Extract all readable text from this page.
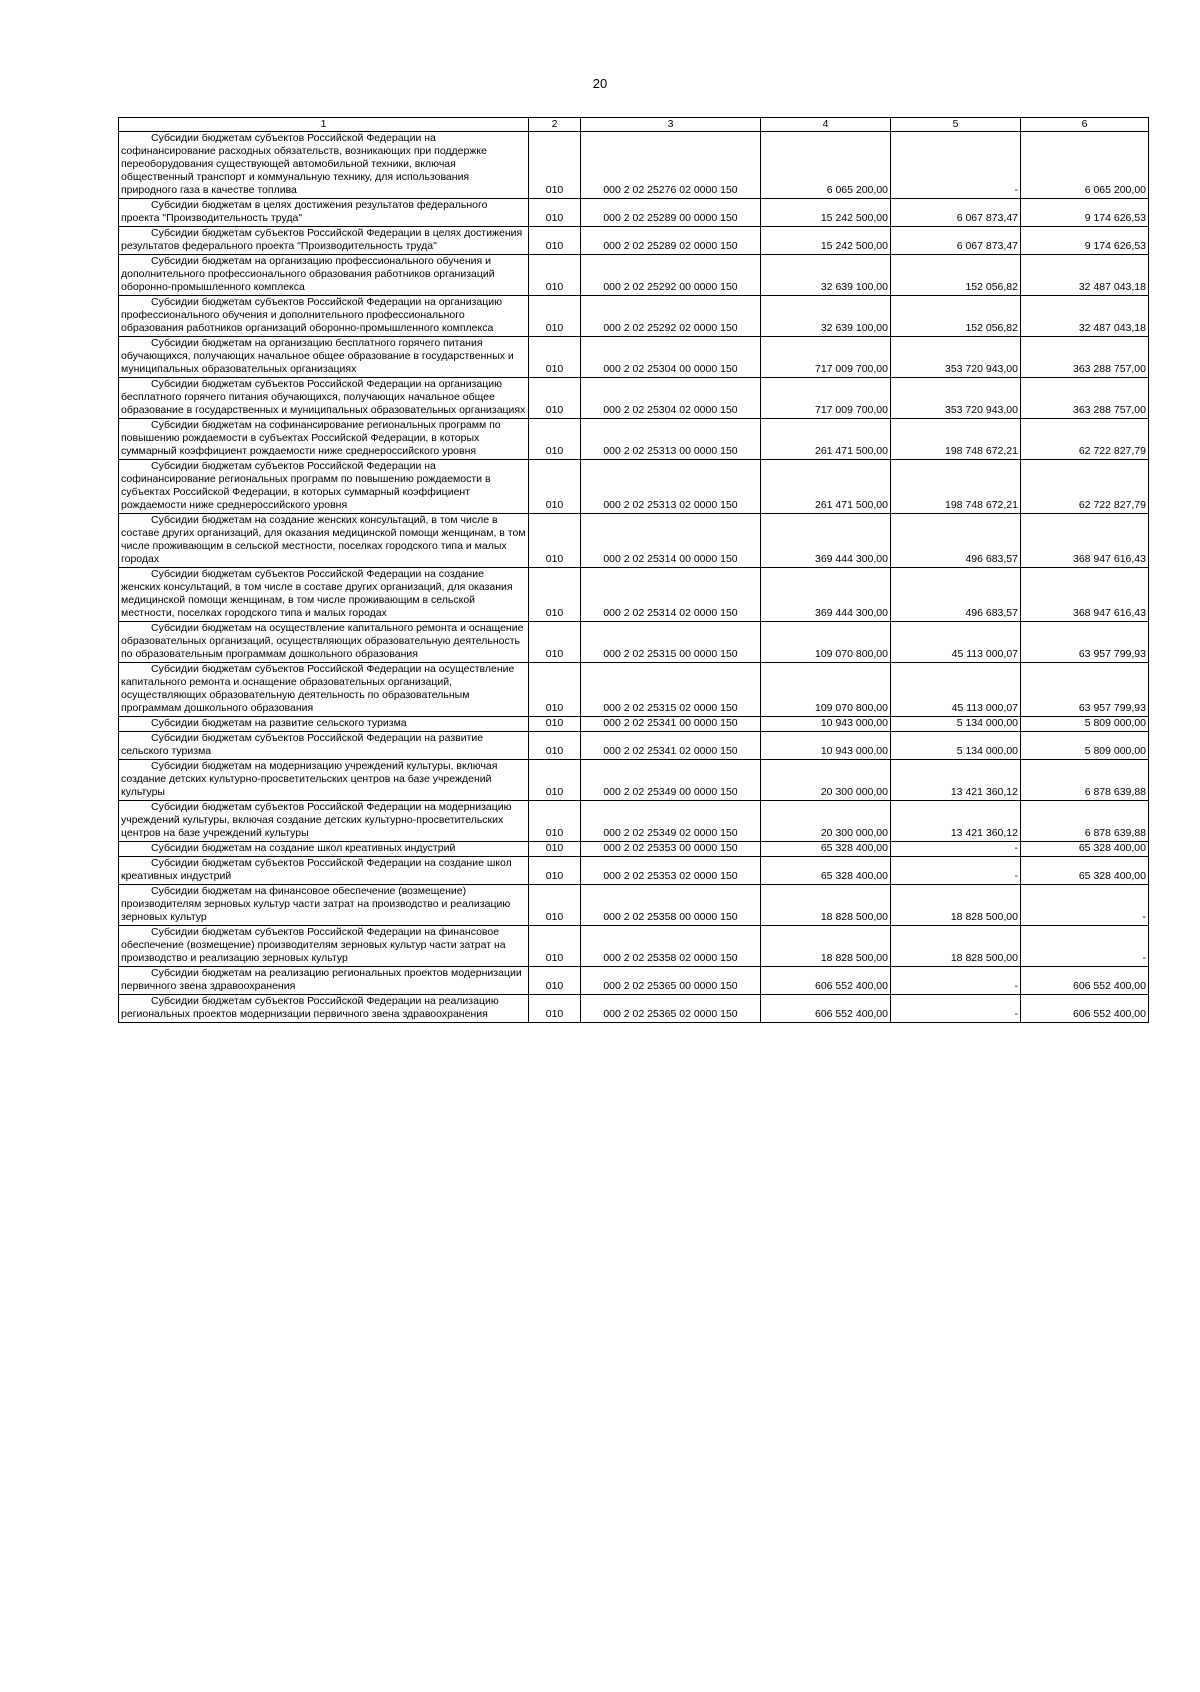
20
1	2	3	4	5	6
Субсидии бюджетам субъектов Российской Федерации на софинансирование расходных обязательств, возникающих при поддержке переоборудования существующей автомобильной техники, включая общественный транспорт и коммунальную технику, для использования природного газа в качестве топлива	010	000 2 02 25276 02 0000 150	6 065 200,00	-	6 065 200,00
Субсидии бюджетам в целях достижения результатов федерального проекта "Производительность труда"	010	000 2 02 25289 00 0000 150	15 242 500,00	6 067 873,47	9 174 626,53
Субсидии бюджетам субъектов Российской Федерации в целях достижения результатов федерального проекта "Производительность труда"	010	000 2 02 25289 02 0000 150	15 242 500,00	6 067 873,47	9 174 626,53
Субсидии бюджетам на организацию профессионального обучения и дополнительного профессионального образования работников организаций оборонно-промышленного комплекса	010	000 2 02 25292 00 0000 150	32 639 100,00	152 056,82	32 487 043,18
Субсидии бюджетам субъектов Российской Федерации на организацию профессионального обучения и дополнительного профессионального образования работников организаций оборонно-промышленного комплекса	010	000 2 02 25292 02 0000 150	32 639 100,00	152 056,82	32 487 043,18
Субсидии бюджетам на организацию бесплатного горячего питания обучающихся, получающих начальное общее образование в государственных и муниципальных образовательных организациях	010	000 2 02 25304 00 0000 150	717 009 700,00	353 720 943,00	363 288 757,00
Субсидии бюджетам субъектов Российской Федерации на организацию бесплатного горячего питания обучающихся, получающих начальное общее образование в государственных и муниципальных образовательных организациях	010	000 2 02 25304 02 0000 150	717 009 700,00	353 720 943,00	363 288 757,00
Субсидии бюджетам на софинансирование региональных программ по повышению рождаемости в субъектах Российской Федерации, в которых суммарный коэффициент рождаемости ниже среднероссийского уровня	010	000 2 02 25313 00 0000 150	261 471 500,00	198 748 672,21	62 722 827,79
Субсидии бюджетам субъектов Российской Федерации на софинансирование региональных программ по повышению рождаемости в субъектах Российской Федерации, в которых суммарный коэффициент рождаемости ниже среднероссийского уровня	010	000 2 02 25313 02 0000 150	261 471 500,00	198 748 672,21	62 722 827,79
Субсидии бюджетам на создание женских консультаций, в том числе в составе других организаций, для оказания медицинской помощи женщинам, в том числе проживающим в сельской местности, поселках городского типа и малых городах	010	000 2 02 25314 00 0000 150	369 444 300,00	496 683,57	368 947 616,43
Субсидии бюджетам субъектов Российской Федерации на создание женских консультаций, в том числе в составе других организаций, для оказания медицинской помощи женщинам, в том числе проживающим в сельской местности, поселках городского типа и малых городах	010	000 2 02 25314 02 0000 150	369 444 300,00	496 683,57	368 947 616,43
Субсидии бюджетам на осуществление капитального ремонта и оснащение образовательных организаций, осуществляющих образовательную деятельность по образовательным программам дошкольного образования	010	000 2 02 25315 00 0000 150	109 070 800,00	45 113 000,07	63 957 799,93
Субсидии бюджетам субъектов Российской Федерации на осуществление капитального ремонта и оснащение образовательных организаций, осуществляющих образовательную деятельность по образовательным программам дошкольного образования	010	000 2 02 25315 02 0000 150	109 070 800,00	45 113 000,07	63 957 799,93
Субсидии бюджетам на развитие сельского туризма	010	000 2 02 25341 00 0000 150	10 943 000,00	5 134 000,00	5 809 000,00
Субсидии бюджетам субъектов Российской Федерации на развитие сельского туризма	010	000 2 02 25341 02 0000 150	10 943 000,00	5 134 000,00	5 809 000,00
Субсидии бюджетам на модернизацию учреждений культуры, включая создание детских культурно-просветительских центров на базе учреждений культуры	010	000 2 02 25349 00 0000 150	20 300 000,00	13 421 360,12	6 878 639,88
Субсидии бюджетам субъектов Российской Федерации на модернизацию учреждений культуры, включая создание детских культурно-просветительских центров на базе учреждений культуры	010	000 2 02 25349 02 0000 150	20 300 000,00	13 421 360,12	6 878 639,88
Субсидии бюджетам на создание школ креативных индустрий	010	000 2 02 25353 00 0000 150	65 328 400,00	-	65 328 400,00
Субсидии бюджетам субъектов Российской Федерации на создание школ креативных индустрий	010	000 2 02 25353 02 0000 150	65 328 400,00	-	65 328 400,00
Субсидии бюджетам на финансовое обеспечение (возмещение) производителям зерновых культур части затрат на производство и реализацию зерновых культур	010	000 2 02 25358 00 0000 150	18 828 500,00	18 828 500,00	-
Субсидии бюджетам субъектов Российской Федерации на финансовое обеспечение (возмещение) производителям зерновых культур части затрат на производство и реализацию зерновых культур	010	000 2 02 25358 02 0000 150	18 828 500,00	18 828 500,00	-
Субсидии бюджетам на реализацию региональных проектов модернизации первичного звена здравоохранения	010	000 2 02 25365 00 0000 150	606 552 400,00	-	606 552 400,00
Субсидии бюджетам субъектов Российской Федерации на реализацию региональных проектов модернизации первичного звена здравоохранения	010	000 2 02 25365 02 0000 150	606 552 400,00	-	606 552 400,00
